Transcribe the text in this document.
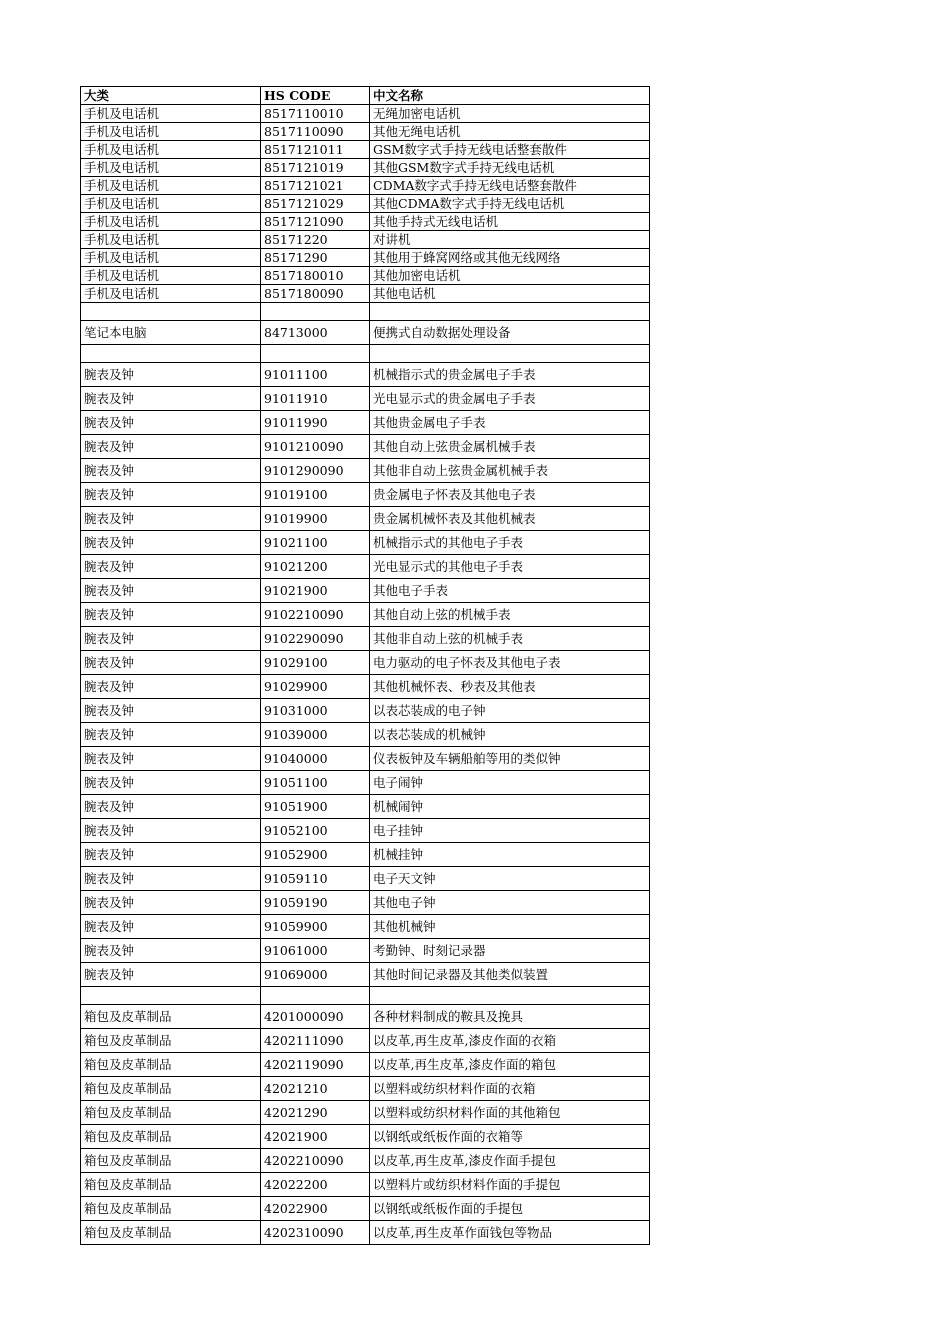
大类	HS CODE	中文名称
手机及电话机	8517110010	无绳加密电话机
手机及电话机	8517110090	其他无绳电话机
手机及电话机	8517121011	GSM数字式手持无线电话整套散件
手机及电话机	8517121019	其他GSM数字式手持无线电话机
手机及电话机	8517121021	CDMA数字式手持无线电话整套散件
手机及电话机	8517121029	其他CDMA数字式手持无线电话机
手机及电话机	8517121090	其他手持式无线电话机
手机及电话机	85171220	对讲机
手机及电话机	85171290	其他用于蜂窝网络或其他无线网络
手机及电话机	8517180010	其他加密电话机
手机及电话机	8517180090	其他电话机

笔记本电脑	84713000	便携式自动数据处理设备

腕表及钟	91011100	机械指示式的贵金属电子手表
腕表及钟	91011910	光电显示式的贵金属电子手表
腕表及钟	91011990	其他贵金属电子手表
腕表及钟	9101210090	其他自动上弦贵金属机械手表
腕表及钟	9101290090	其他非自动上弦贵金属机械手表
腕表及钟	91019100	贵金属电子怀表及其他电子表
腕表及钟	91019900	贵金属机械怀表及其他机械表
腕表及钟	91021100	机械指示式的其他电子手表
腕表及钟	91021200	光电显示式的其他电子手表
腕表及钟	91021900	其他电子手表
腕表及钟	9102210090	其他自动上弦的机械手表
腕表及钟	9102290090	其他非自动上弦的机械手表
腕表及钟	91029100	电力驱动的电子怀表及其他电子表
腕表及钟	91029900	其他机械怀表、秒表及其他表
腕表及钟	91031000	以表芯装成的电子钟
腕表及钟	91039000	以表芯装成的机械钟
腕表及钟	91040000	仪表板钟及车辆船舶等用的类似钟
腕表及钟	91051100	电子闹钟
腕表及钟	91051900	机械闹钟
腕表及钟	91052100	电子挂钟
腕表及钟	91052900	机械挂钟
腕表及钟	91059110	电子天文钟
腕表及钟	91059190	其他电子钟
腕表及钟	91059900	其他机械钟
腕表及钟	91061000	考勤钟、时刻记录器
腕表及钟	91069000	其他时间记录器及其他类似装置

箱包及皮革制品	4201000090	各种材料制成的鞍具及挽具
箱包及皮革制品	4202111090	以皮革,再生皮革,漆皮作面的衣箱
箱包及皮革制品	4202119090	以皮革,再生皮革,漆皮作面的箱包
箱包及皮革制品	42021210	以塑料或纺织材料作面的衣箱
箱包及皮革制品	42021290	以塑料或纺织材料作面的其他箱包
箱包及皮革制品	42021900	以钢纸或纸板作面的衣箱等
箱包及皮革制品	4202210090	以皮革,再生皮革,漆皮作面手提包
箱包及皮革制品	42022200	以塑料片或纺织材料作面的手提包
箱包及皮革制品	42022900	以钢纸或纸板作面的手提包
箱包及皮革制品	4202310090	以皮革,再生皮革作面钱包等物品
